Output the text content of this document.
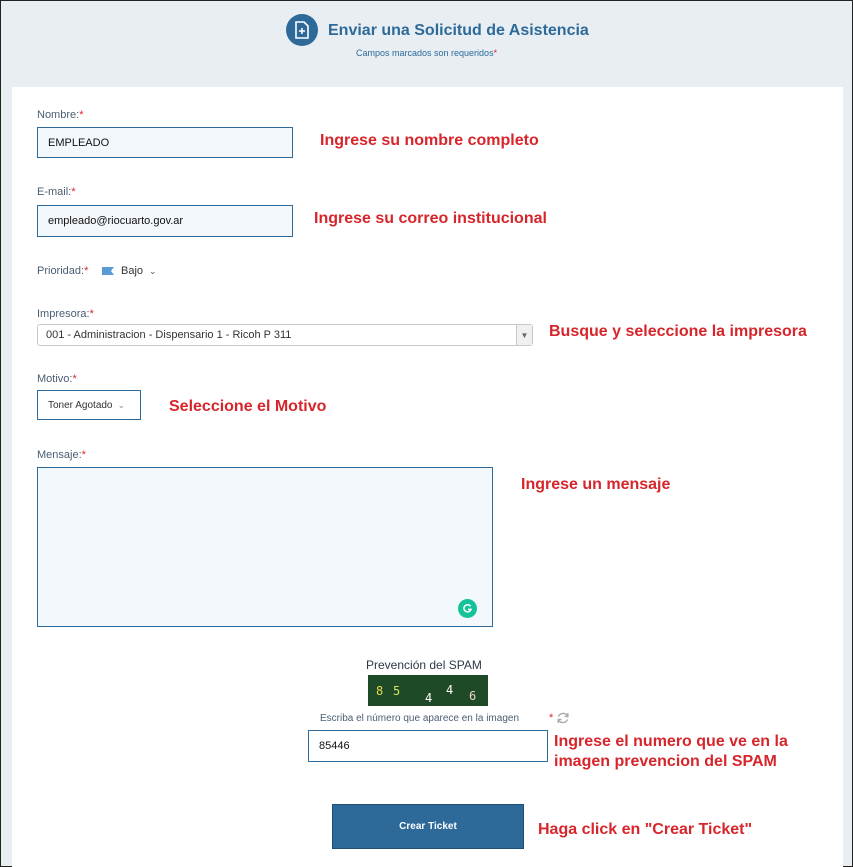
Enviar una Solicitud de Asistencia
Campos marcados son requeridos*
Nombre:*
EMPLEADO	Ingrese su nombre completo
E-mail:*
empleado@riocuarto.gov.ar	Ingrese su correo institucional
Prioridad:*	Bajo ⌄
Impresora:*
001 - Administracion - Dispensario 1 - Ricoh P 311	▼ Busque y seleccione la impresora
Motivo:*
Toner Agotado ⌄	Seleccione el Motivo
Mensaje:*
Ingrese un mensaje
Prevención del SPAM
8 5 4
4 6
Escriba el número que aparece en la imagen	*
85446	Ingrese el numero que ve en la
imagen prevencion del SPAM
Crear Ticket	Haga click en "Crear Ticket"
